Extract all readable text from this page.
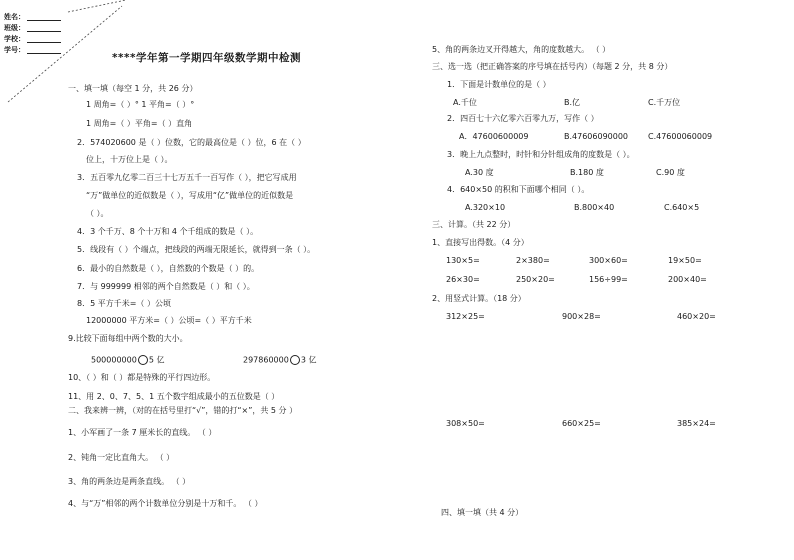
姓名：
班级：
学校：
学号：
****学年第一学期四年级数学期中检测
一、填一填（每空 1 分，共 26 分）
1 周角=（ ）° 1 平角=（ ）°
1 周角=（ ）平角=（ ）直角
2．574020600 是（ ）位数，它的最高位是（ ）位，6 在（ ）
位上，十万位上是（ ）。
3．五百零九亿零二百三十七万五千一百写作（ ），把它写成用
“万”做单位的近似数是（ ），写成用“亿”做单位的近似数是
（ ）。
4．3 个千万、8 个十万和 4 个千组成的数是（ ）。
5．线段有（ ）个端点，把线段的两端无限延长，就得到一条（ ）。
6．最小的自然数是（ ），自然数的个数是（ ）的。
7．与 999999 相邻的两个自然数是（ ）和（ ）。
8．5 平方千米=（ ）公顷
12000000 平方米=（ ）公顷=（ ）平方千米
9.比较下面每组中两个数的大小。
10、（ ）和（ ）都是特殊的平行四边形。
11、用 2、0、7、5、1 五个数字组成最小的五位数是（ ）
二、我来辨一辨，（对的在括号里打“√”，错的打“×”，共 5 分 ）
1、小军画了一条 7 厘米长的直线。 （ ）
2、钝角一定比直角大。 （ ）
3、角的两条边是两条直线。 （ ）
4、与“万”相邻的两个计数单位分别是十万和千。 （ ）
500000000 5 亿	297860000 3 亿
5、角的两条边叉开得越大，角的度数越大。 （ ）
三、选一选（把正确答案的序号填在括号内）（每题 2 分，共 8 分）
1．下面是计数单位的是（ ）
A.千位	B.亿	C.千万位
2．四百七十六亿零六百零九万，写作（ ）
A．47600600009	B.47606090000 C.47600060009
3．晚上九点整时，时针和分针组成角的度数是（ ）。
A.30 度	B.180 度	C.90 度
4．640×50 的积和下面哪个相同（ ）。
A.320×10	B.800×40	C.640×5
三、计算。（共 22 分）
1、直接写出得数。（4 分）
130×5=	2×380=	300×60=	19×50=
26×30=	250×20=	156÷99=	200×40=
2、用竖式计算。（18 分）
312×25=	900×28=	460×20=
308×50=	660×25=	385×24=
四、填一填（共 4 分）
